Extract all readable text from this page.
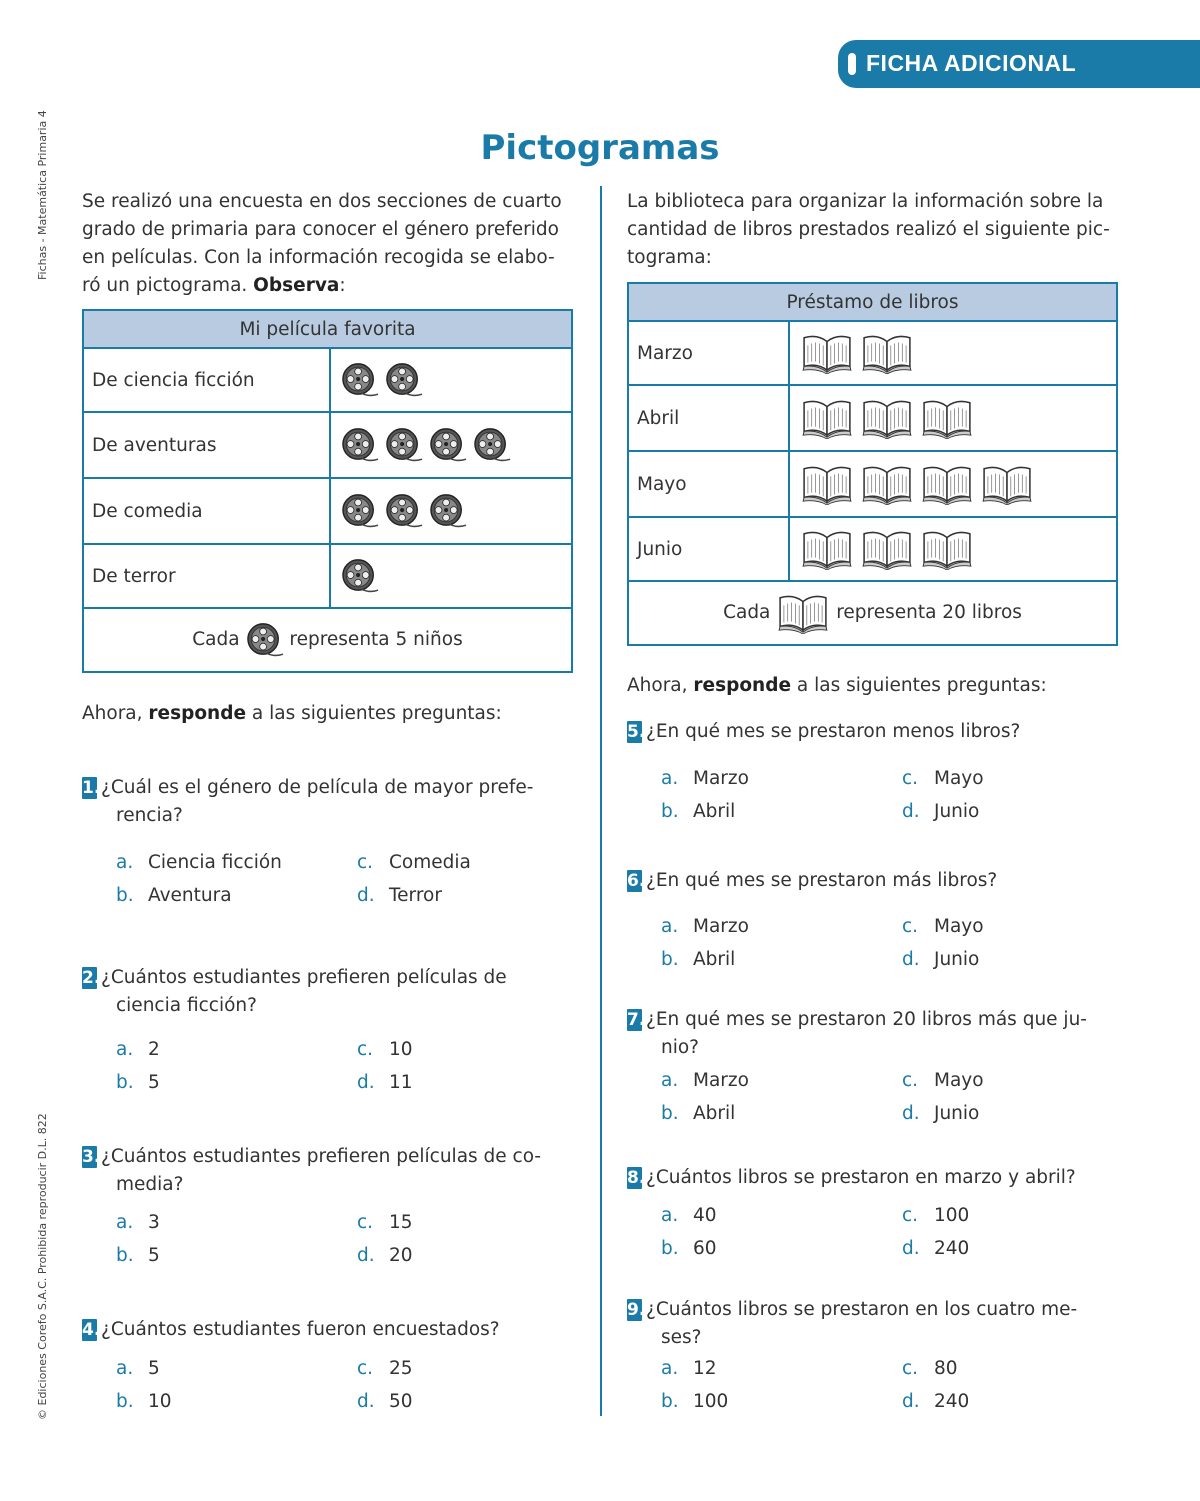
FICHA ADICIONAL
Fichas - Matemática Primaria 4
© Ediciones Corefo S.A.C. Prohibida reproducir D.L. 822
Pictogramas
Se realizó una encuesta en dos secciones de cuarto
grado de primaria para conocer el género preferido
en películas. Con la información recogida se elabo-
ró un pictograma. Observa:
Mi película favorita	
De ciencia ficción	

De aventuras	

De comedia	

De terror	

Cada representa 5 niños	
Ahora, responde a las siguientes preguntas:
1.¿Cuál es el género de película de mayor prefe-
rencia?
a. Ciencia ficción	c. Comedia
b. Aventura	d. Terror
2.¿Cuántos estudiantes prefieren películas de
ciencia ficción?
a. 2	c. 10
b. 5	d. 11
3.¿Cuántos estudiantes prefieren películas de co-
media?
a. 3	c. 15
b. 5	d. 20
4.¿Cuántos estudiantes fueron encuestados?
a. 5	c. 25
b. 10	d. 50
La biblioteca para organizar la información sobre la
cantidad de libros prestados realizó el siguiente pic-
tograma:
Préstamo de libros	
Marzo	

Abril	

Mayo	

Junio	

Cada representa 20 libros	
Ahora, responde a las siguientes preguntas:
5.¿En qué mes se prestaron menos libros?
a. Marzo	c. Mayo
b. Abril	d. Junio
6.¿En qué mes se prestaron más libros?
a. Marzo	c. Mayo
b. Abril	d. Junio
7.¿En qué mes se prestaron 20 libros más que ju-
nio?
a. Marzo	c. Mayo
b. Abril	d. Junio
8.¿Cuántos libros se prestaron en marzo y abril?
a. 40	c. 100
b. 60	d. 240
9.¿Cuántos libros se prestaron en los cuatro me-
ses?
a. 12	c. 80
b. 100	d. 240
